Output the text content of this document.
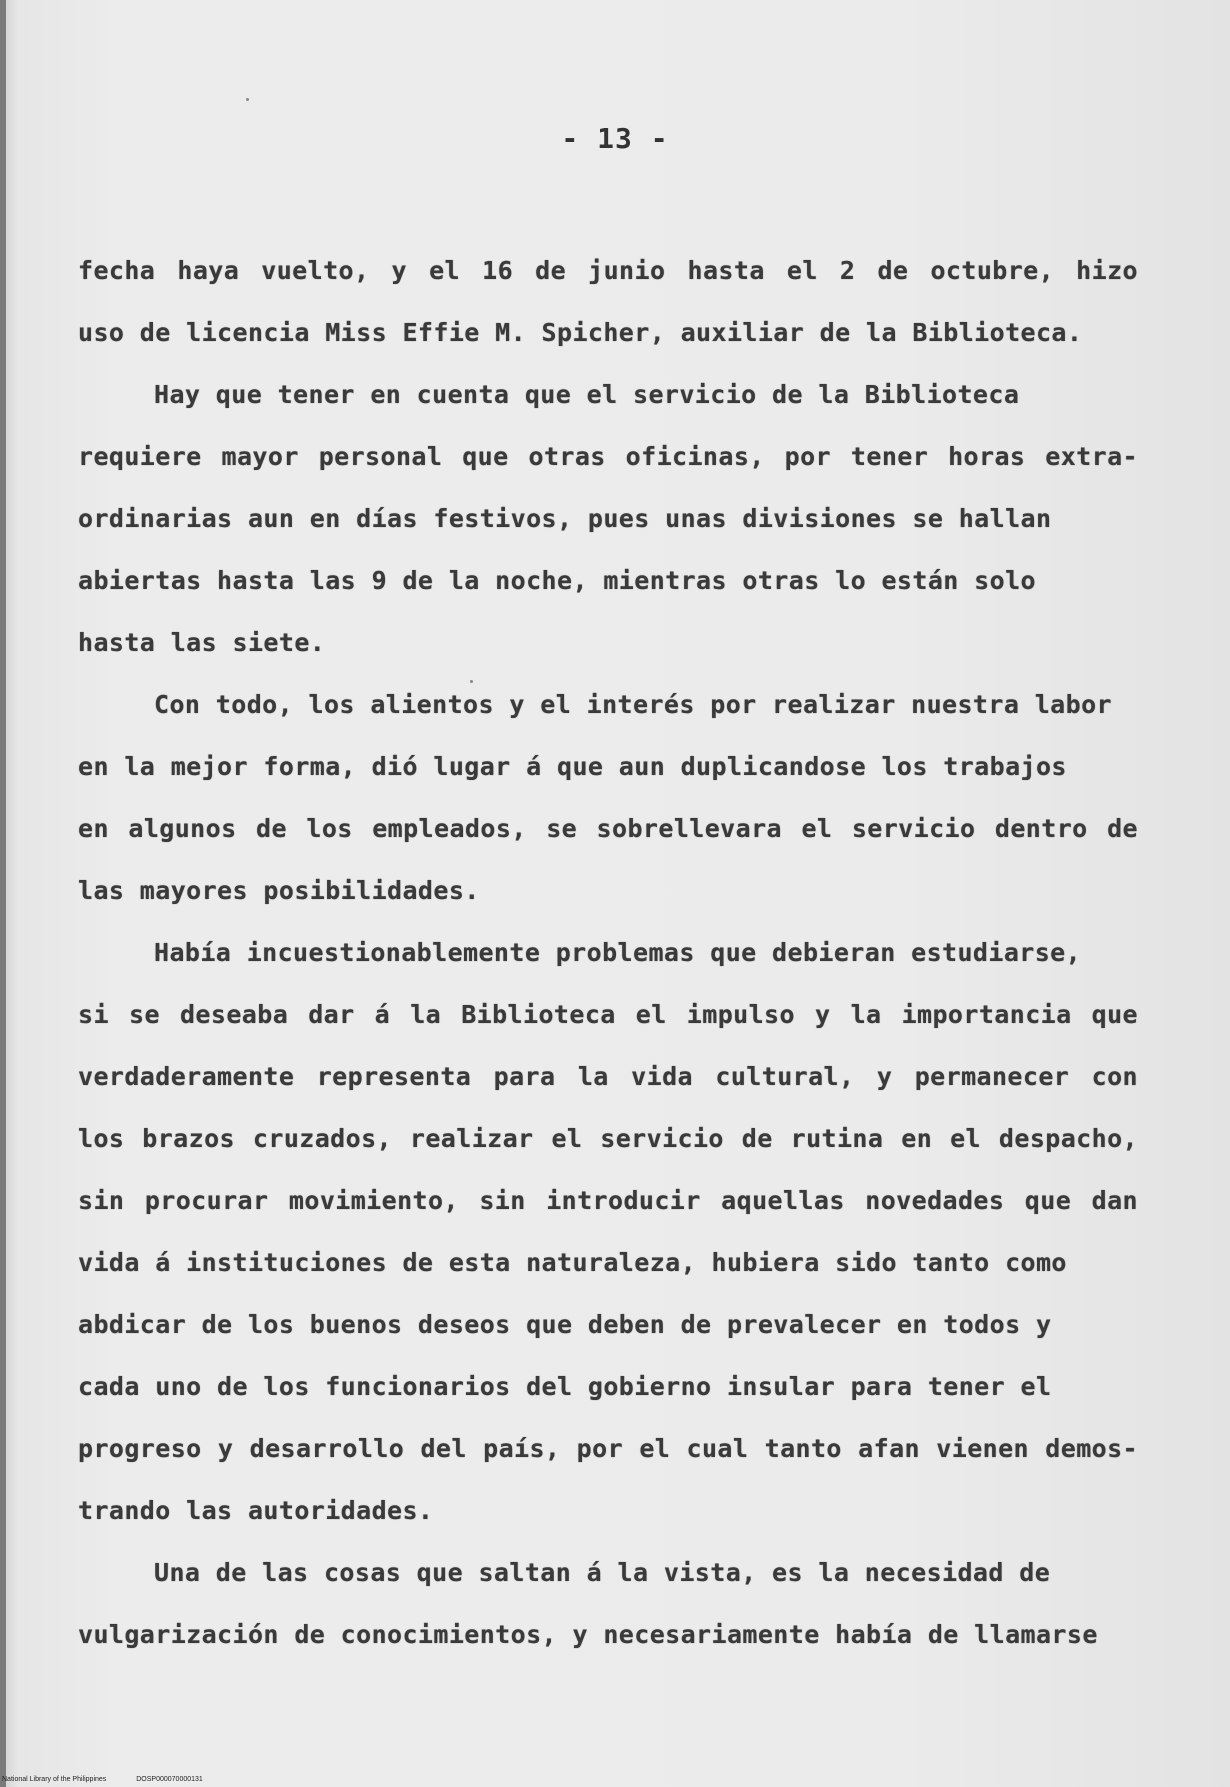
- 13 -
fecha haya vuelto, y el 16 de junio hasta el 2 de octubre, hizo
uso de licencia Miss Effie M. Spicher, auxiliar de la Biblioteca.
Hay que tener en cuenta que el servicio de la Biblioteca
requiere mayor personal que otras oficinas, por tener horas extra-
ordinarias aun en días festivos, pues unas divisiones se hallan
abiertas hasta las 9 de la noche, mientras otras lo están solo
hasta las siete.
Con todo, los alientos y el interés por realizar nuestra labor
en la mejor forma, dió lugar á que aun duplicandose los trabajos
en algunos de los empleados, se sobrellevara el servicio dentro de
las mayores posibilidades.
Había incuestionablemente problemas que debieran estudiarse,
si se deseaba dar á la Biblioteca el impulso y la importancia que
verdaderamente representa para la vida cultural, y permanecer con
los brazos cruzados, realizar el servicio de rutina en el despacho,
sin procurar movimiento, sin introducir aquellas novedades que dan
vida á instituciones de esta naturaleza, hubiera sido tanto como
abdicar de los buenos deseos que deben de prevalecer en todos y
cada uno de los funcionarios del gobierno insular para tener el
progreso y desarrollo del país, por el cual tanto afan vienen demos-
trando las autoridades.
Una de las cosas que saltan á la vista, es la necesidad de
vulgarización de conocimientos, y necesariamente había de llamarse
National Library of the Philippines	DOSP000070000131
